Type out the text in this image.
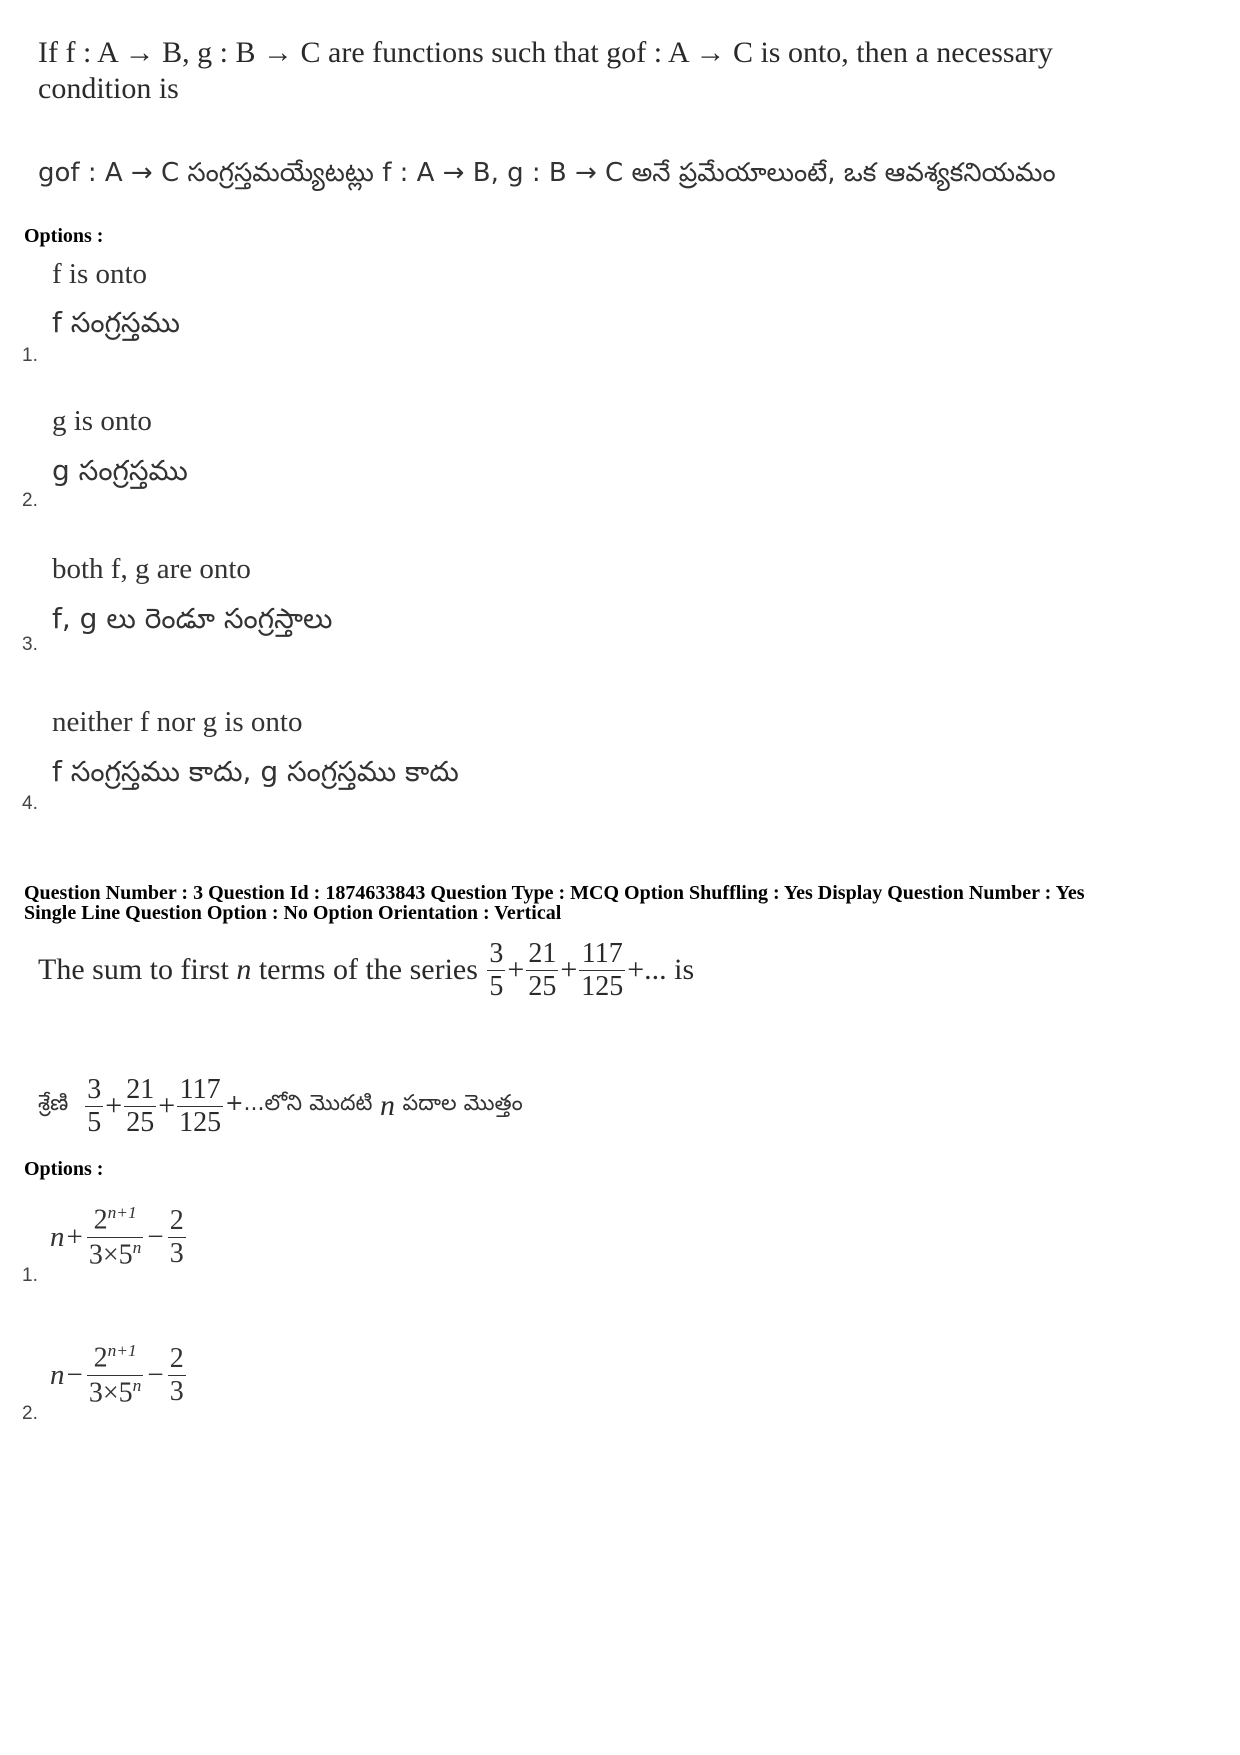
If f : A → B, g : B → C are functions such that gof : A → C is onto, then a necessary
condition is
gof : A → C సంగ్రస్తమయ్యేటట్లు f : A → B, g : B → C అనే ప్రమేయాలుంటే, ఒక ఆవశ్యకనియమం
Options :
f is onto
f సంగ్రస్తము
1.
g is onto
g సంగ్రస్తము
2.
both f, g are onto
f, g లు రెండూ సంగ్రస్తాలు
3.
neither f nor g is onto
f సంగ్రస్తము కాదు, g సంగ్రస్తము కాదు
4.
Question Number : 3 Question Id : 1874633843 Question Type : MCQ Option Shuffling : Yes Display Question Number : Yes
Single Line Question Option : No Option Orientation : Vertical
The sum to first
n
terms of the series
$\frac{3}{5} + \frac{21}{25} + \frac{117}{125}$ +... is
శ్రేణి
$\frac{3}{5} + \frac{21}{25} + \frac{117}{125}$ +...లోని మొదటి
n
పదాల మొత్తం
Options :
$n + \frac{2^{n+1}}{3\times 5^n} - \frac{2}{3}$
1.
$n - \frac{2^{n+1}}{3\times 5^n} - \frac{2}{3}$
2.
